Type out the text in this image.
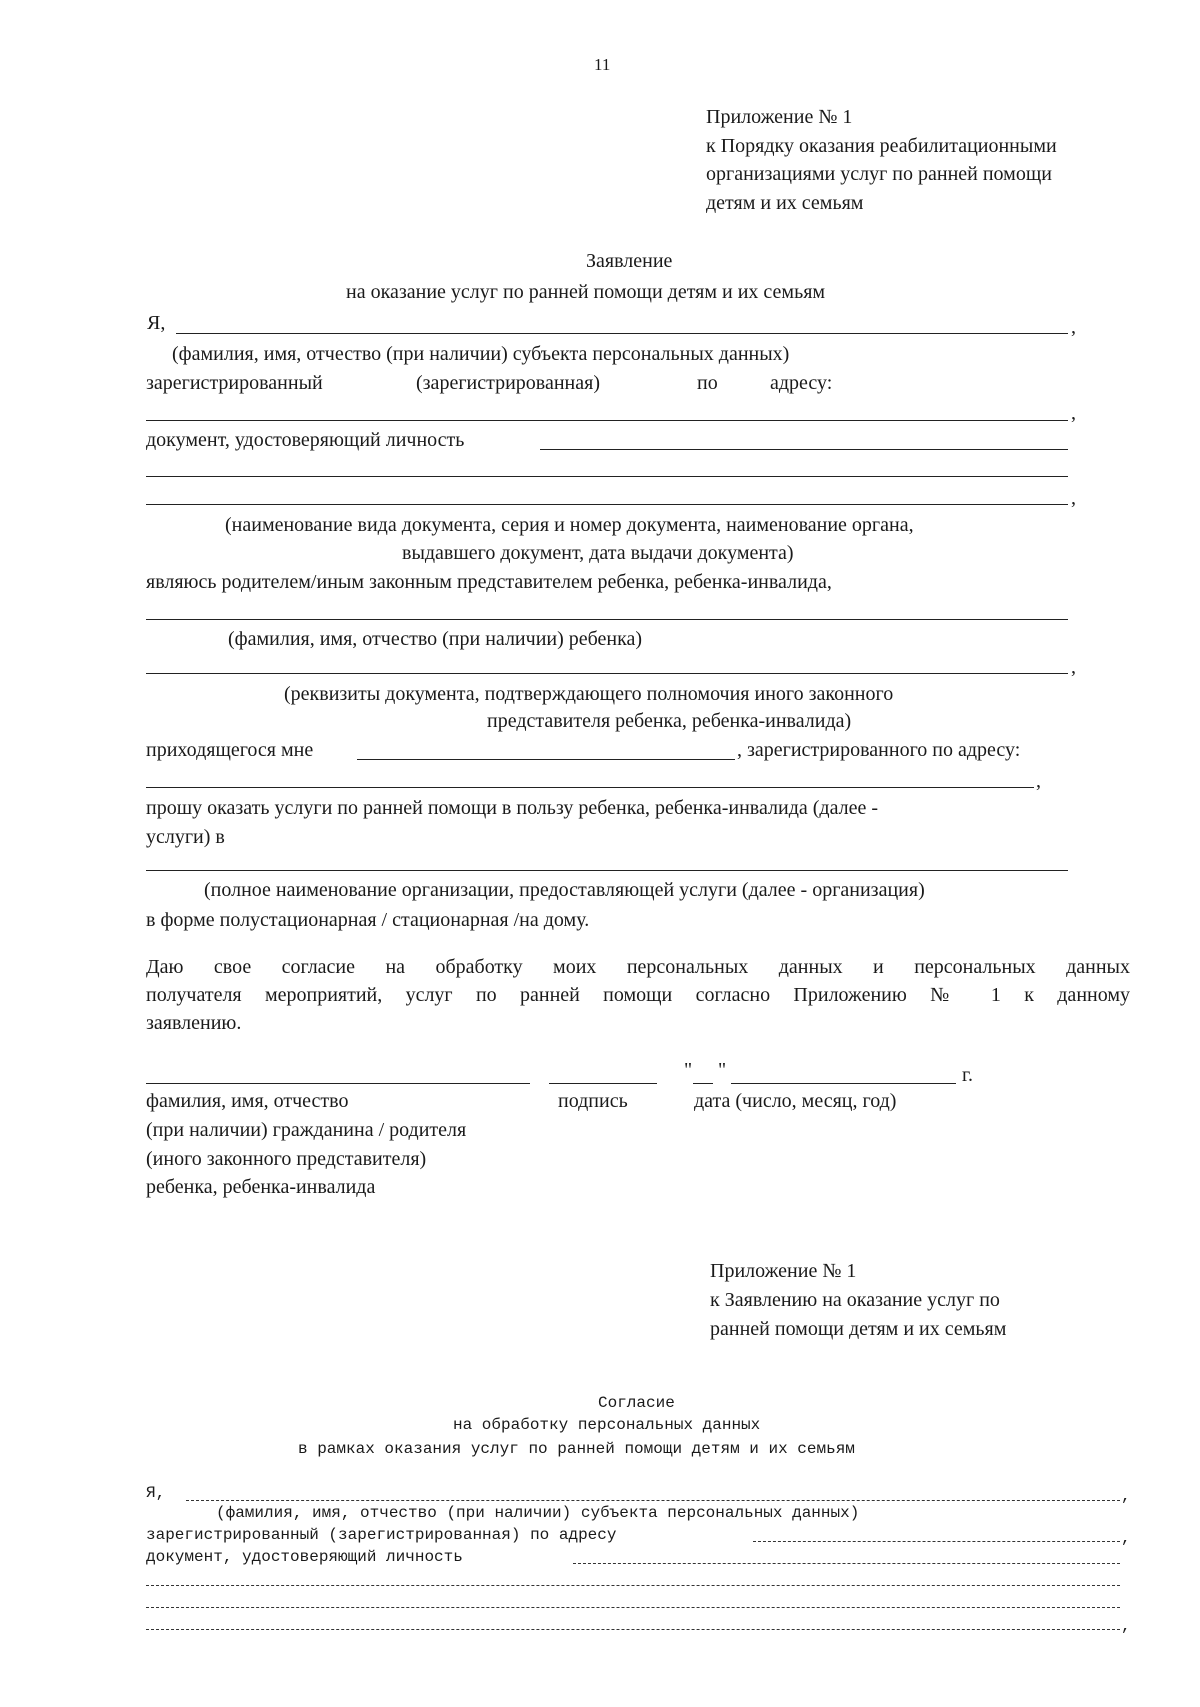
11
Приложение № 1
к Порядку оказания реабилитационными
организациями услуг по ранней помощи
детям и их семьям
Заявление
на оказание услуг по ранней помощи детям и их семьям
Я,	,
(фамилия, имя, отчество (при наличии) субъекта персональных данных)
зарегистрированный	(зарегистрированная)	по	адресу:
,
документ, удостоверяющий личность
,
(наименование вида документа, серия и номер документа, наименование органа,
выдавшего документ, дата выдачи документа)
являюсь родителем/иным законным представителем ребенка, ребенка-инвалида,
(фамилия, имя, отчество (при наличии) ребенка)
,
(реквизиты документа, подтверждающего полномочия иного законного
представителя ребенка, ребенка-инвалида)
приходящегося мне	, зарегистрированного по адресу:
,
прошу оказать услуги по ранней помощи в пользу ребенка, ребенка-инвалида (далее -
услуги) в
(полное наименование организации, предоставляющей услуги (далее - организация)
в форме полустационарная / стационарная /на дому.
Даю свое согласие на обработку моих персональных данных и персональных данных
получателя мероприятий, услуг по ранней помощи согласно Приложению № 1 к данному
заявлению.
" "	г.
фамилия, имя, отчество
(при наличии) гражданина / родителя
(иного законного представителя)
ребенка, ребенка-инвалида
подпись	дата (число, месяц, год)
Приложение № 1
к Заявлению на оказание услуг по
ранней помощи детям и их семьям
Согласие
на обработку персональных данных
в рамках оказания услуг по ранней помощи детям и их семьям
Я,	,
(фамилия, имя, отчество (при наличии) субъекта персональных данных)
зарегистрированный (зарегистрированная) по адресу	,
документ, удостоверяющий личность
,
